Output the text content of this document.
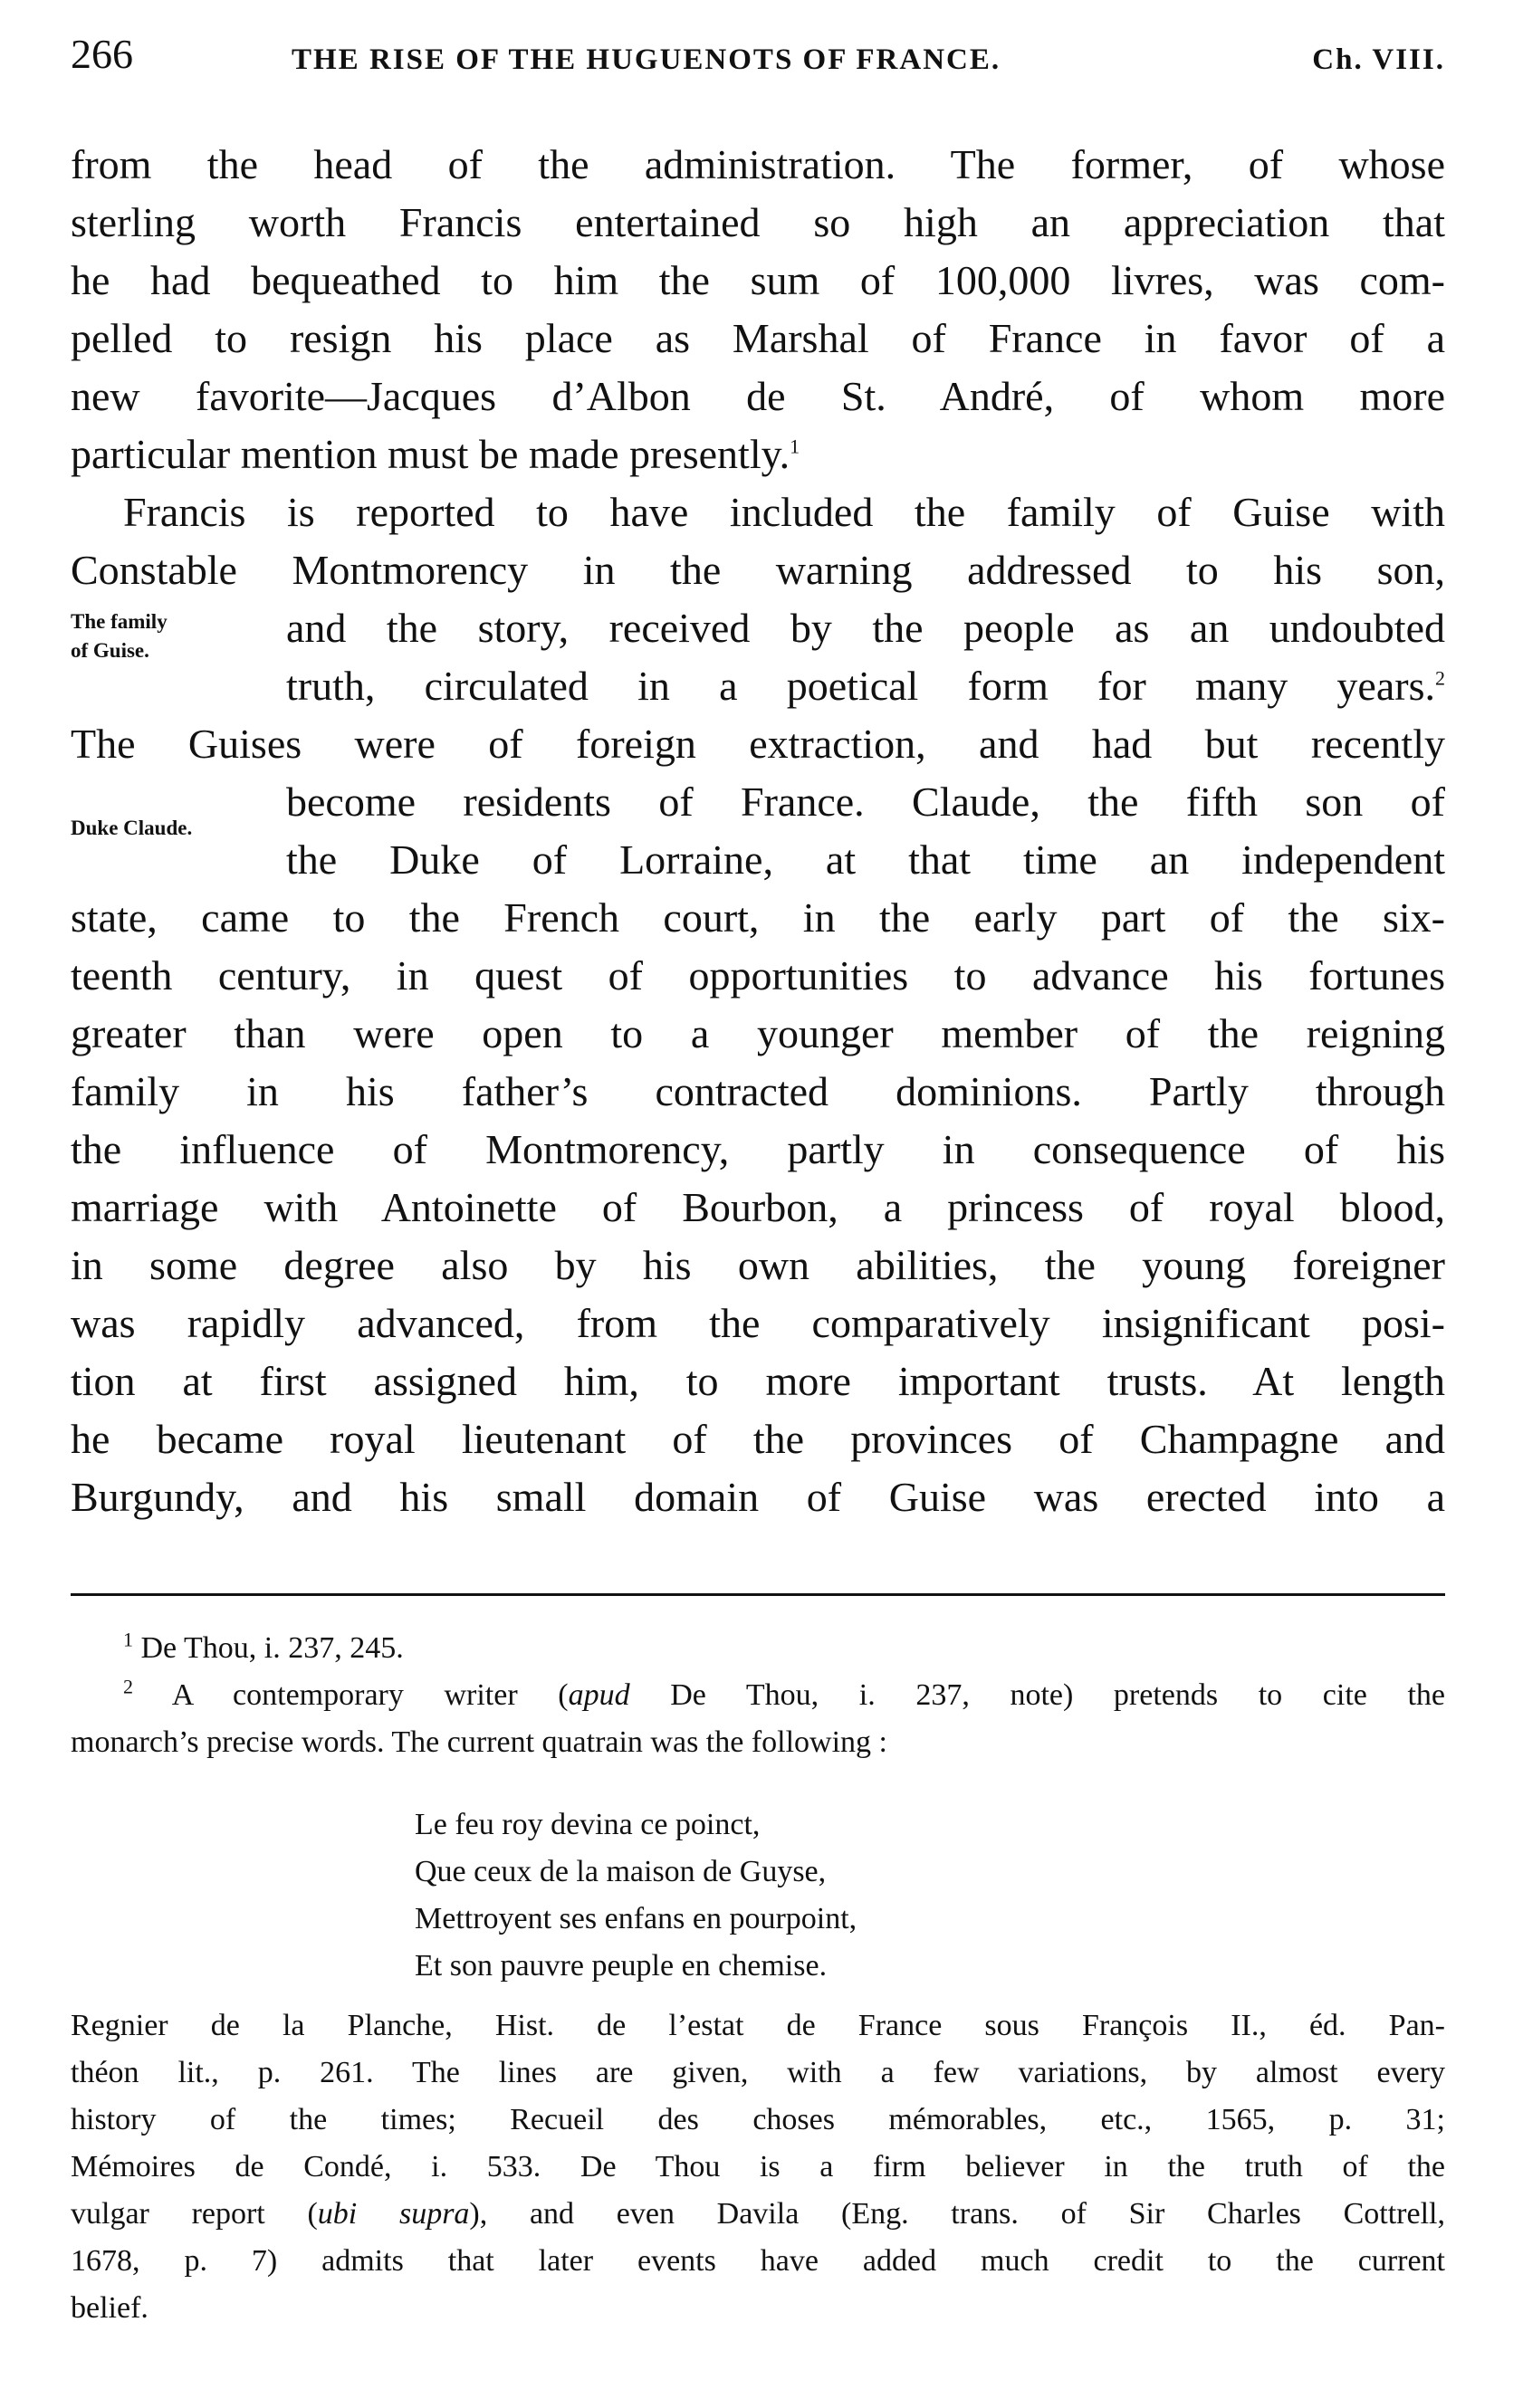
266	THE RISE OF THE HUGUENOTS OF FRANCE.	Ch. VIII.
The family
of Guise.
Duke Claude.
from the head of the administration. The former, of whose
sterling worth Francis entertained so high an appreciation that
he had bequeathed to him the sum of 100,000 livres, was com-
pelled to resign his place as Marshal of France in favor of a
new favorite—Jacques d’Albon de St. André, of whom more
particular mention must be made presently.$^1$
Francis is reported to have included the family of Guise with
Constable Montmorency in the warning addressed to his son,
and the story, received by the people as an undoubted
truth, circulated in a poetical form for many years.$^2$
The Guises were of foreign extraction, and had but recently
become residents of France. Claude, the fifth son of
the Duke of Lorraine, at that time an independent
state, came to the French court, in the early part of the six-
teenth century, in quest of opportunities to advance his fortunes
greater than were open to a younger member of the reigning
family in his father’s contracted dominions. Partly through
the influence of Montmorency, partly in consequence of his
marriage with Antoinette of Bourbon, a princess of royal blood,
in some degree also by his own abilities, the young foreigner
was rapidly advanced, from the comparatively insignificant posi-
tion at first assigned him, to more important trusts. At length
he became royal lieutenant of the provinces of Champagne and
Burgundy, and his small domain of Guise was erected into a
$^1$ De Thou, i. 237, 245.
$^2$ A contemporary writer (apud De Thou, i. 237, note) pretends to cite the
monarch’s precise words. The current quatrain was the following :
Le feu roy devina ce poinct,
Que ceux de la maison de Guyse,
Mettroyent ses enfans en pourpoint,
Et son pauvre peuple en chemise.
Regnier de la Planche, Hist. de l’estat de France sous François II., éd. Pan-
théon lit., p. 261. The lines are given, with a few variations, by almost every
history of the times; Recueil des choses mémorables, etc., 1565, p. 31;
Mémoires de Condé, i. 533. De Thou is a firm believer in the truth of the
vulgar report (ubi supra), and even Davila (Eng. trans. of Sir Charles Cottrell,
1678, p. 7) admits that later events have added much credit to the current
belief.
